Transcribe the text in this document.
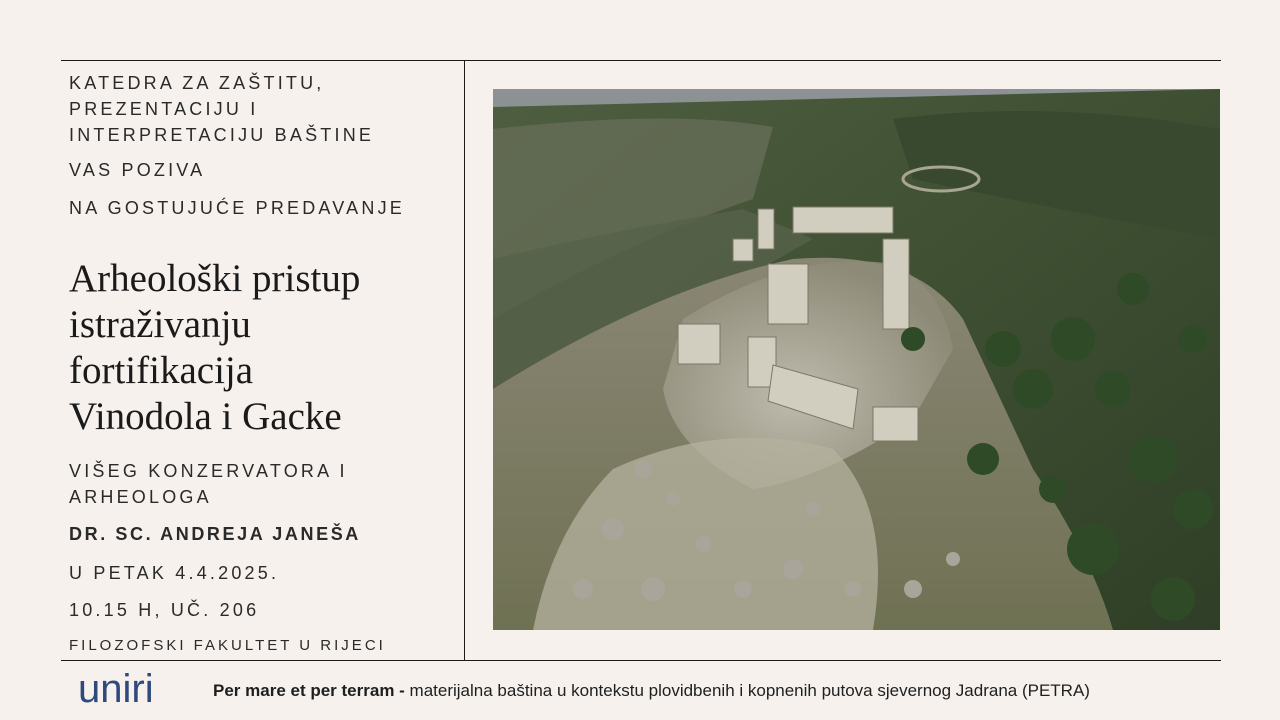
KATEDRA ZA ZAŠTITU,
PREZENTACIJU I
INTERPRETACIJU BAŠTINE
VAS POZIVA
NA GOSTUJUĆE PREDAVANJE
Arheološki pristup
istraživanju
fortifikacija
Vinodola i Gacke
VIŠEG KONZERVATORA I
ARHEOLOGA
DR. SC. ANDREJA JANEŠA
U PETAK 4.4.2025.
10.15 H, UČ. 206
FILOZOFSKI FAKULTET U RIJECI
uniri	Per mare et per terram - materijalna baština u kontekstu plovidbenih i kopnenih putova sjevernog Jadrana (PETRA)
